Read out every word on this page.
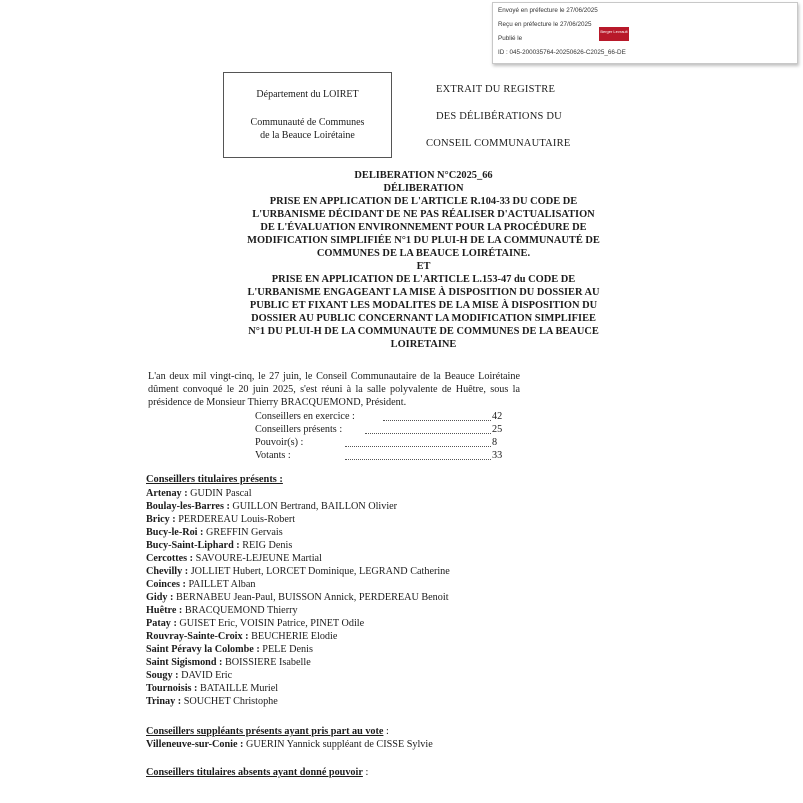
Envoyé en préfecture le 27/06/2025
Reçu en préfecture le 27/06/2025
Publié le
ID : 045-200035764-20250626-C2025_66-DE
Berger Levrault
Département du LOIRET
Communauté de Communes
de la Beauce Loirétaine
EXTRAIT DU REGISTRE
DES DÉLIBÉRATIONS DU
CONSEIL COMMUNAUTAIRE
DELIBERATION N°C2025_66
DÉLIBERATION
PRISE EN APPLICATION DE L'ARTICLE R.104-33 DU CODE DE
L'URBANISME DÉCIDANT DE NE PAS RÉALISER D'ACTUALISATION
DE L'ÉVALUATION ENVIRONNEMENT POUR LA PROCÉDURE DE
MODIFICATION SIMPLIFIÉE N°1 DU PLUI-H DE LA COMMUNAUTÉ DE
COMMUNES DE LA BEAUCE LOIRÉTAINE.
ET
PRISE EN APPLICATION DE L'ARTICLE L.153-47 du CODE DE
L'URBANISME ENGAGEANT LA MISE À DISPOSITION DU DOSSIER AU
PUBLIC ET FIXANT LES MODALITES DE LA MISE À DISPOSITION DU
DOSSIER AU PUBLIC CONCERNANT LA MODIFICATION SIMPLIFIEE
N°1 DU PLUI-H DE LA COMMUNAUTE DE COMMUNES DE LA BEAUCE
LOIRETAINE
L'an deux mil vingt-cinq, le 27 juin, le Conseil Communautaire de la Beauce Loirétaine dûment convoqué le 20 juin 2025, s'est réuni à la salle polyvalente de Huêtre, sous la présidence de Monsieur Thierry BRACQUEMOND, Président.
Conseillers en exercice :	42
Conseillers présents :	25
Pouvoir(s) :	8
Votants :	33
Conseillers titulaires présents :
Artenay : GUDIN Pascal
Boulay-les-Barres : GUILLON Bertrand, BAILLON Olivier
Bricy : PERDEREAU Louis-Robert
Bucy-le-Roi : GREFFIN Gervais
Bucy-Saint-Liphard : REIG Denis
Cercottes : SAVOURE-LEJEUNE Martial
Chevilly : JOLLIET Hubert, LORCET Dominique, LEGRAND Catherine
Coinces : PAILLET Alban
Gidy : BERNABEU Jean-Paul, BUISSON Annick, PERDEREAU Benoit
Huêtre : BRACQUEMOND Thierry
Patay : GUISET Eric, VOISIN Patrice, PINET Odile
Rouvray-Sainte-Croix : BEUCHERIE Elodie
Saint Péravy la Colombe : PELE Denis
Saint Sigismond : BOISSIERE Isabelle
Sougy : DAVID Eric
Tournoisis : BATAILLE Muriel
Trinay : SOUCHET Christophe
Conseillers suppléants présents ayant pris part au vote :
Villeneuve-sur-Conie : GUERIN Yannick suppléant de CISSE Sylvie
Conseillers titulaires absents ayant donné pouvoir :
